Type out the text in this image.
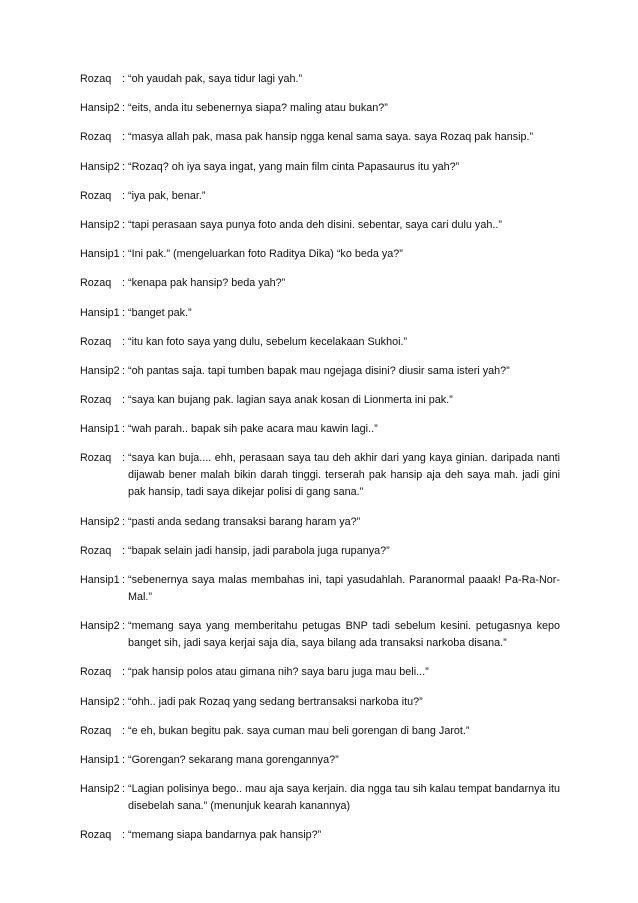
Rozaq : “oh yaudah pak, saya tidur lagi yah.”
Hansip2 : “eits, anda itu sebenernya siapa? maling atau bukan?”
Rozaq : “masya allah pak, masa pak hansip ngga kenal sama saya. saya Rozaq pak hansip.”
Hansip2 : “Rozaq? oh iya saya ingat, yang main film cinta Papasaurus itu yah?”
Rozaq : “iya pak, benar.”
Hansip2 : “tapi perasaan saya punya foto anda deh disini. sebentar, saya cari dulu yah..”
Hansip1 : “Ini pak.” (mengeluarkan foto Raditya Dika) “ko beda ya?”
Rozaq : “kenapa pak hansip? beda yah?”
Hansip1 : “banget pak.”
Rozaq : “itu kan foto saya yang dulu, sebelum kecelakaan Sukhoi.”
Hansip2 : “oh pantas saja. tapi tumben bapak mau ngejaga disini? diusir sama isteri yah?”
Rozaq : “saya kan bujang pak. lagian saya anak kosan di Lionmerta ini pak.”
Hansip1 : “wah parah.. bapak sih pake acara mau kawin lagi..”
Rozaq : “saya kan buja.... ehh, perasaan saya tau deh akhir dari yang kaya ginian. daripada nanti dijawab bener malah bikin darah tinggi. terserah pak hansip aja deh saya mah. jadi gini pak hansip, tadi saya dikejar polisi di gang sana.”
Hansip2 : “pasti anda sedang transaksi barang haram ya?”
Rozaq : “bapak selain jadi hansip, jadi parabola juga rupanya?”
Hansip1 : “sebenernya saya malas membahas ini, tapi yasudahlah. Paranormal paaak! Pa-Ra-Nor-Mal.”
Hansip2 : “memang saya yang memberitahu petugas BNP tadi sebelum kesini. petugasnya kepo banget sih, jadi saya kerjai saja dia, saya bilang ada transaksi narkoba disana.”
Rozaq : “pak hansip polos atau gimana nih? saya baru juga mau beli...”
Hansip2 : “ohh.. jadi pak Rozaq yang sedang bertransaksi narkoba itu?”
Rozaq : “e eh, bukan begitu pak. saya cuman mau beli gorengan di bang Jarot.”
Hansip1 : “Gorengan? sekarang mana gorengannya?”
Hansip2 : “Lagian polisinya bego.. mau aja saya kerjain. dia ngga tau sih kalau tempat bandarnya itu disebelah sana.” (menunjuk kearah kanannya)
Rozaq : “memang siapa bandarnya pak hansip?”
